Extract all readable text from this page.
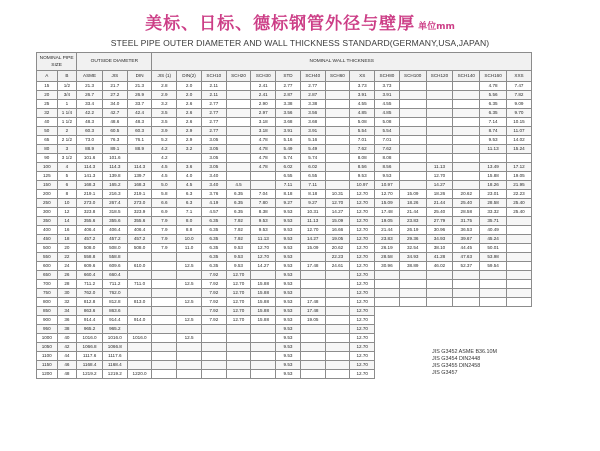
美标、日标、德标钢管外径与壁厚 单位mm
STEEL PIPE OUTER DIAMETER AND WALL THICKNESS STANDARD(GERMANY,USA,JAPAN)
NOMINAL PIPE SIZE		OUTSIDE DIAMETER			NOMINAL WALL THICKNESS														
A	B	ASME	JIS	DIN	JIS (1)	DIN(2)	SCH10	SCH20	SCH30	STD	SCH40	SCH60	XS	SCH80	SCH100	SCH120	SCH140	SCH160	XXS
15	1/2	21.3	21.7	21.3	2.8	2.0	2.11		2.41	2.77	2.77		3.73	3.73				4.78	7.47
20	3/4	26.7	27.2	26.9	2.9	2.0	2.11		2.41	2.87	2.87		3.91	3.91				5.56	7.82
25	1	33.4	34.0	33.7	3.2	2.6	2.77		2.90	3.38	3.38		4.55	4.55				6.35	9.09
32	1 1/4	42.2	42.7	42.4	3.5	2.6	2.77		2.97	3.56	3.56		4.85	4.85				6.35	9.70
40	1 1/2	48.3	48.6	48.3	3.5	2.6	2.77		3.18	3.68	3.68		5.08	5.08				7.14	10.15
50	2	60.3	60.5	60.3	3.9	2.9	2.77		3.18	3.91	3.91		5.54	5.54				8.74	11.07
65	2 1/2	73.0	76.3	76.1	5.2	2.9	3.05		4.78	5.16	5.16		7.01	7.01				9.53	14.02
80	3	88.9	89.1	88.9	4.2	3.2	3.05		4.78	5.49	5.49		7.62	7.62				11.13	15.24
90	3 1/2	101.6	101.6		4.2		3.05		4.78	5.74	5.74		8.08	8.08					
100	4	114.3	114.3	114.3	4.5	3.6	3.05		4.78	6.02	6.02		8.56	8.56		11.13		13.49	17.12
125	5	141.3	139.8	139.7	4.5	4.0	3.40			6.55	6.55		9.53	9.53		12.70		15.88	19.05
150	6	168.3	165.2	168.3	5.0	4.5	3.40	4.5		7.11	7.11		10.97	10.97		14.27		18.26	21.95
200	8	219.1	216.3	219.1	5.8	6.3	3.76	6.35	7.04	8.18	8.18	10.31	12.70	12.70	15.09	18.26	20.62	23.01	22.23
250	10	273.0	267.4	273.0	6.6	6.3	4.19	6.35	7.80	9.27	9.27	12.70	12.70	15.09	18.26	21.44	25.40	28.58	25.40
300	12	323.8	318.5	323.9	6.9	7.1	4.57	6.35	8.38	9.53	10.31	14.27	12.70	17.48	21.44	25.40	28.58	33.32	25.40
350	14	355.6	355.6	355.6	7.9	8.0	6.35	7.92	9.53	9.53	11.13	15.09	12.70	19.05	23.83	27.79	31.75	35.71	
400	16	406.4	406.4	406.4	7.9	8.8	6.35	7.92	9.53	9.53	12.70	16.66	12.70	21.44	26.19	30.96	36.53	40.49	
450	18	457.2	457.2	457.2	7.9	10.0	6.35	7.92	11.13	9.53	14.27	19.05	12.70	23.83	29.36	34.93	39.67	45.24	
500	20	508.0	508.0	508.0	7.9	11.0	6.35	9.53	12.70	9.53	15.09	20.62	12.70	26.19	32.54	38.10	44.45	50.01	
550	22	558.8	558.8				6.35	9.53	12.70	9.53		22.23	12.70	28.58	34.93	41.28	47.63	53.98	
600	24	609.6	609.6	610.0		12.5	6.35	9.53	14.27	9.53	17.48	24.61	12.70	30.96	38.89	46.02	52.37	59.54	
650	26	660.4	660.4				7.92	12.70		9.53			12.70						
700	28	711.2	711.2	711.0		12.5	7.92	12.70	15.88	9.53			12.70						
750	30	762.0	762.0				7.92	12.70	15.88	9.53			12.70						
800	32	812.8	812.8	813.0		12.5	7.92	12.70	15.88	9.53	17.48		12.70						
850	34	863.6	863.6				7.92	12.70	15.88	9.53	17.48		12.70						
900	36	914.4	914.4	914.0		12.5	7.92	12.70	15.88	9.53	19.05		12.70						
950	38	965.2	965.2							9.53			12.70						
1000	40	1016.0	1016.0	1016.0		12.5				9.53			12.70						
1050	42	1066.8	1066.8							9.53			12.70						
1100	44	1117.6	1117.6							9.53			12.70						
1150	46	1168.4	1168.4							9.53			12.70						
1200	48	1219.2	1219.2	1220.0						9.53			12.70						
JIS G3452 ASME B36.10M
JIS G3454 DIN2448
JIS G3455 DIN2458
JIS G3457
